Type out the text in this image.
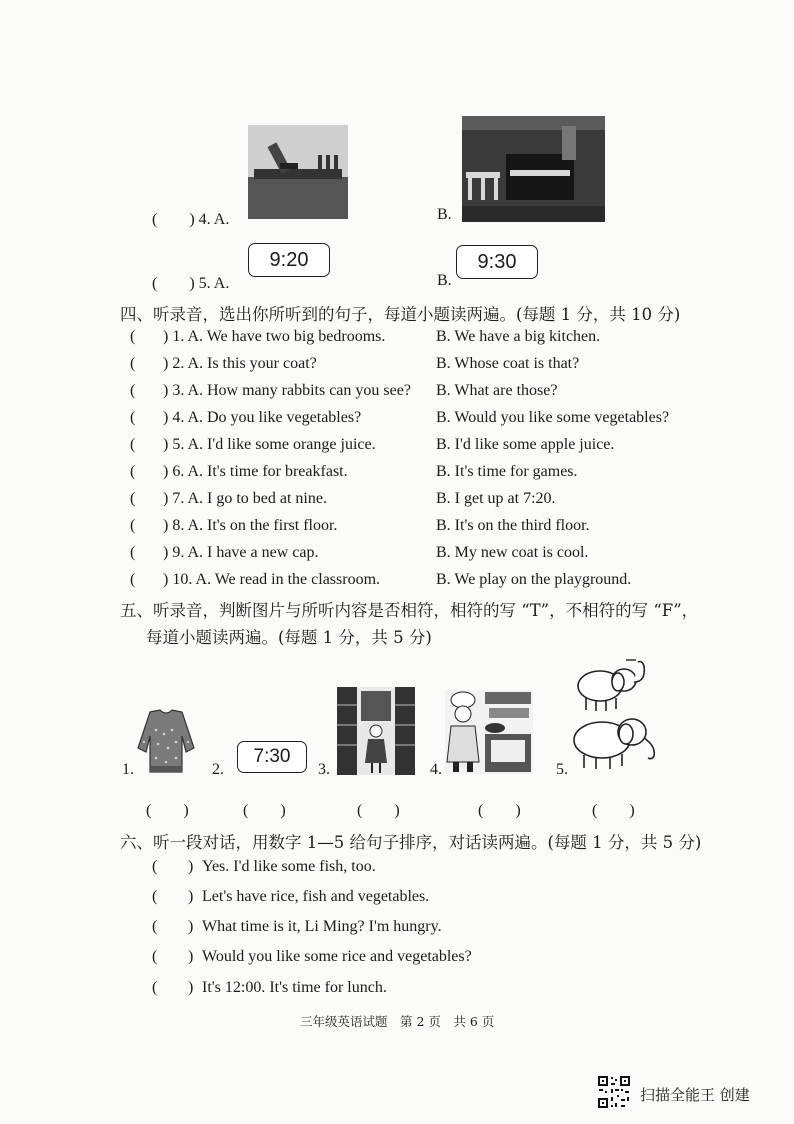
(　　) 4. A.	B.
(　　) 5. A.
9:20
B.
9:30
四、听录音，选出你所听到的句子，每道小题读两遍。(每题 1 分，共 10 分)
( ) 1. A. We have two big bedrooms.	B. We have a big kitchen.
( ) 2. A. Is this your coat?	B. Whose coat is that?
( ) 3. A. How many rabbits can you see? B. What are those?
( ) 4. A. Do you like vegetables?	B. Would you like some vegetables?
( ) 5. A. I'd like some orange juice.	B. I'd like some apple juice.
( ) 6. A. It's time for breakfast.	B. It's time for games.
( ) 7. A. I go to bed at nine.	B. I get up at 7:20.
( ) 8. A. It's on the first floor.	B. It's on the third floor.
( ) 9. A. I have a new cap.	B. My new coat is cool.
( ) 10. A. We read in the classroom.	B. We play on the playground.
五、听录音，判断图片与所听内容是否相符，相符的写 “T”，不相符的写 “F”，
每道小题读两遍。(每题 1 分，共 5 分)
1.	2.
7:30
3.	4.	5.
(　　)	(　　)	(　　)	(　　)	(　　)
六、听一段对话，用数字 1—5 给句子排序，对话读两遍。(每题 1 分，共 5 分)
( ) Yes. I'd like some fish, too.
( ) Let's have rice, fish and vegetables.
( ) What time is it, Li Ming? I'm hungry.
( ) Would you like some rice and vegetables?
( ) It's 12:00. It's time for lunch.
三年级英语试题　第 2 页　共 6 页
扫描全能王 创建
